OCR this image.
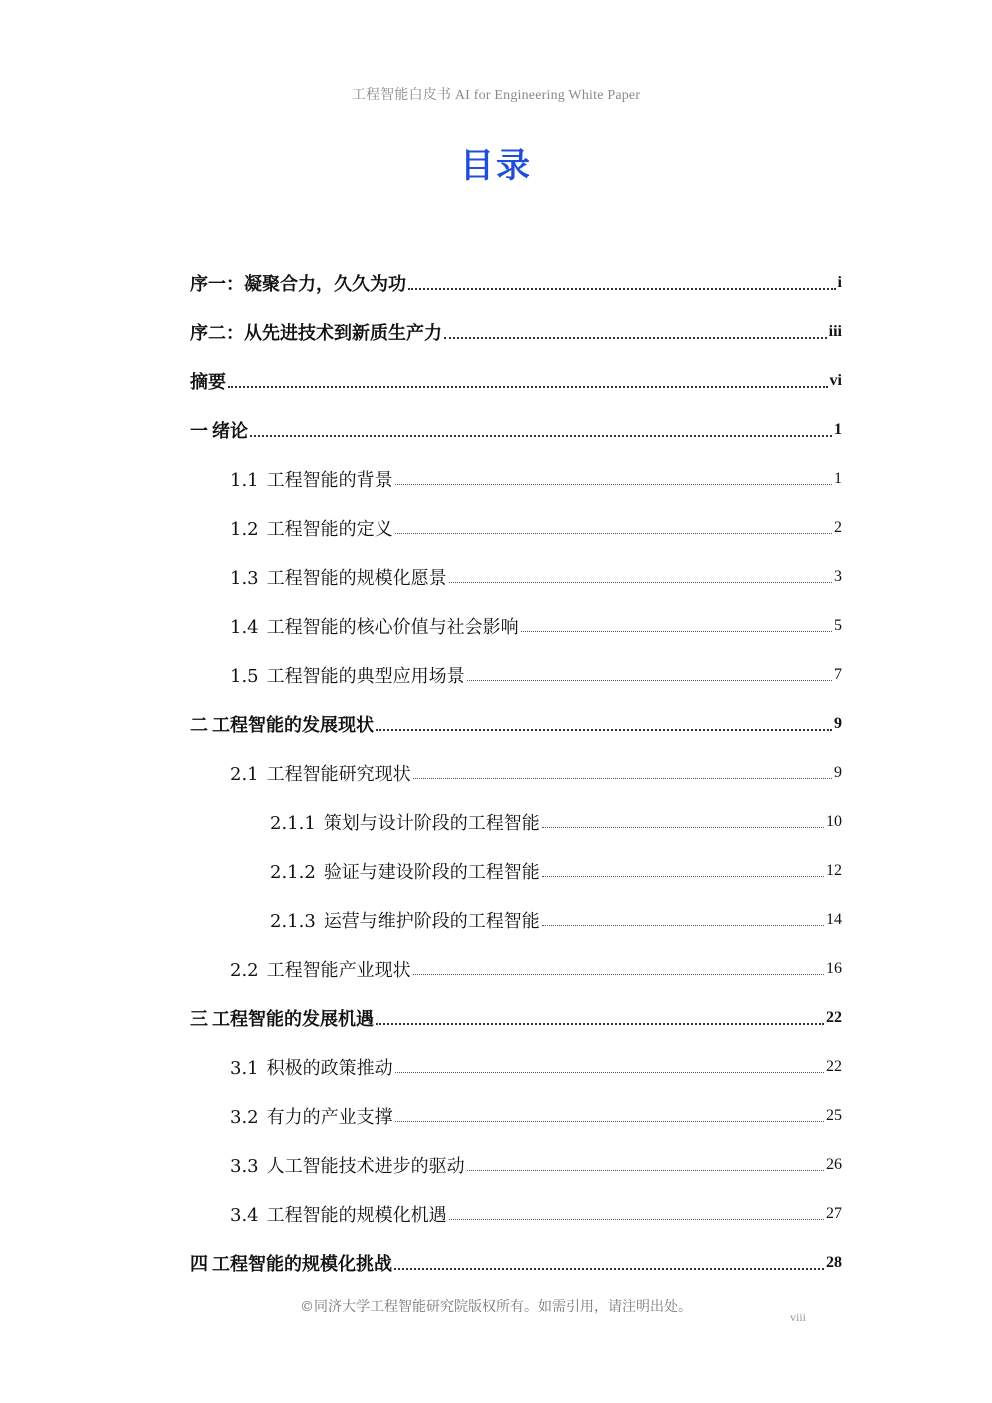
工程智能白皮书 AI for Engineering White Paper
目录
序一：凝聚合力，久久为功	i
序二：从先进技术到新质生产力	iii
摘要	vi
一 绪论	1
1.1 工程智能的背景	1
1.2 工程智能的定义	2
1.3 工程智能的规模化愿景	3
1.4 工程智能的核心价值与社会影响	5
1.5 工程智能的典型应用场景	7
二 工程智能的发展现状	9
2.1 工程智能研究现状	9
2.1.1 策划与设计阶段的工程智能	10
2.1.2 验证与建设阶段的工程智能	12
2.1.3 运营与维护阶段的工程智能	14
2.2 工程智能产业现状	16
三 工程智能的发展机遇	22
3.1 积极的政策推动	22
3.2 有力的产业支撑	25
3.3 人工智能技术进步的驱动	26
3.4 工程智能的规模化机遇	27
四 工程智能的规模化挑战	28
©同济大学工程智能研究院版权所有。如需引用，请注明出处。
viii
